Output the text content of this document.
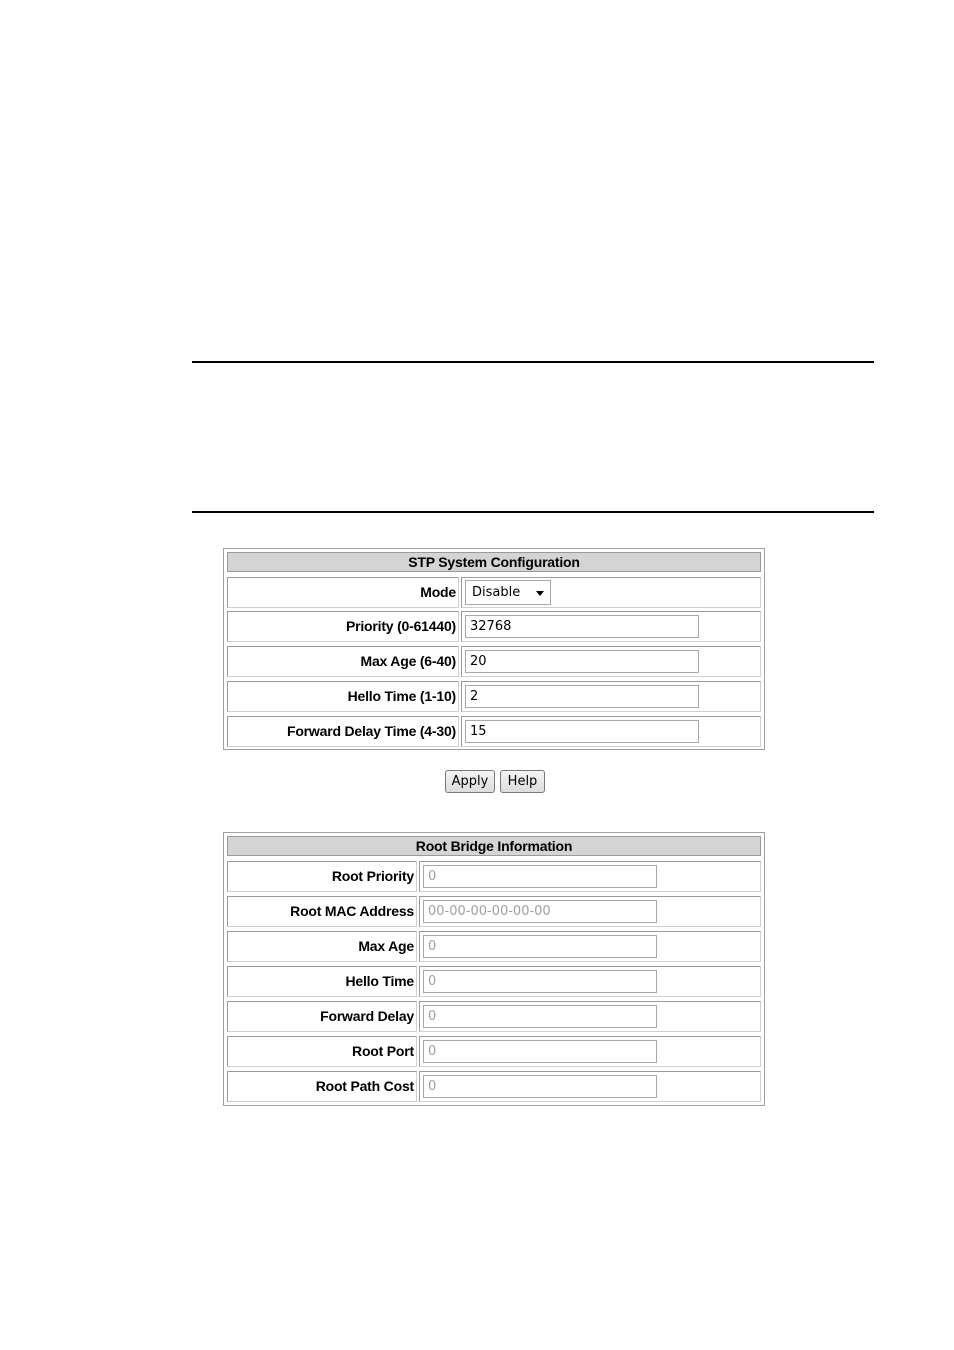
STP System Configuration
Mode	Disable
Priority (0-61440)	32768
Max Age (6-40)	20
Hello Time (1-10)	2
Forward Delay Time (4-30)	15
Apply	Help
Root Bridge Information
Root Priority	0
Root MAC Address	00-00-00-00-00-00
Max Age	0
Hello Time	0
Forward Delay	0
Root Port	0
Root Path Cost	0
